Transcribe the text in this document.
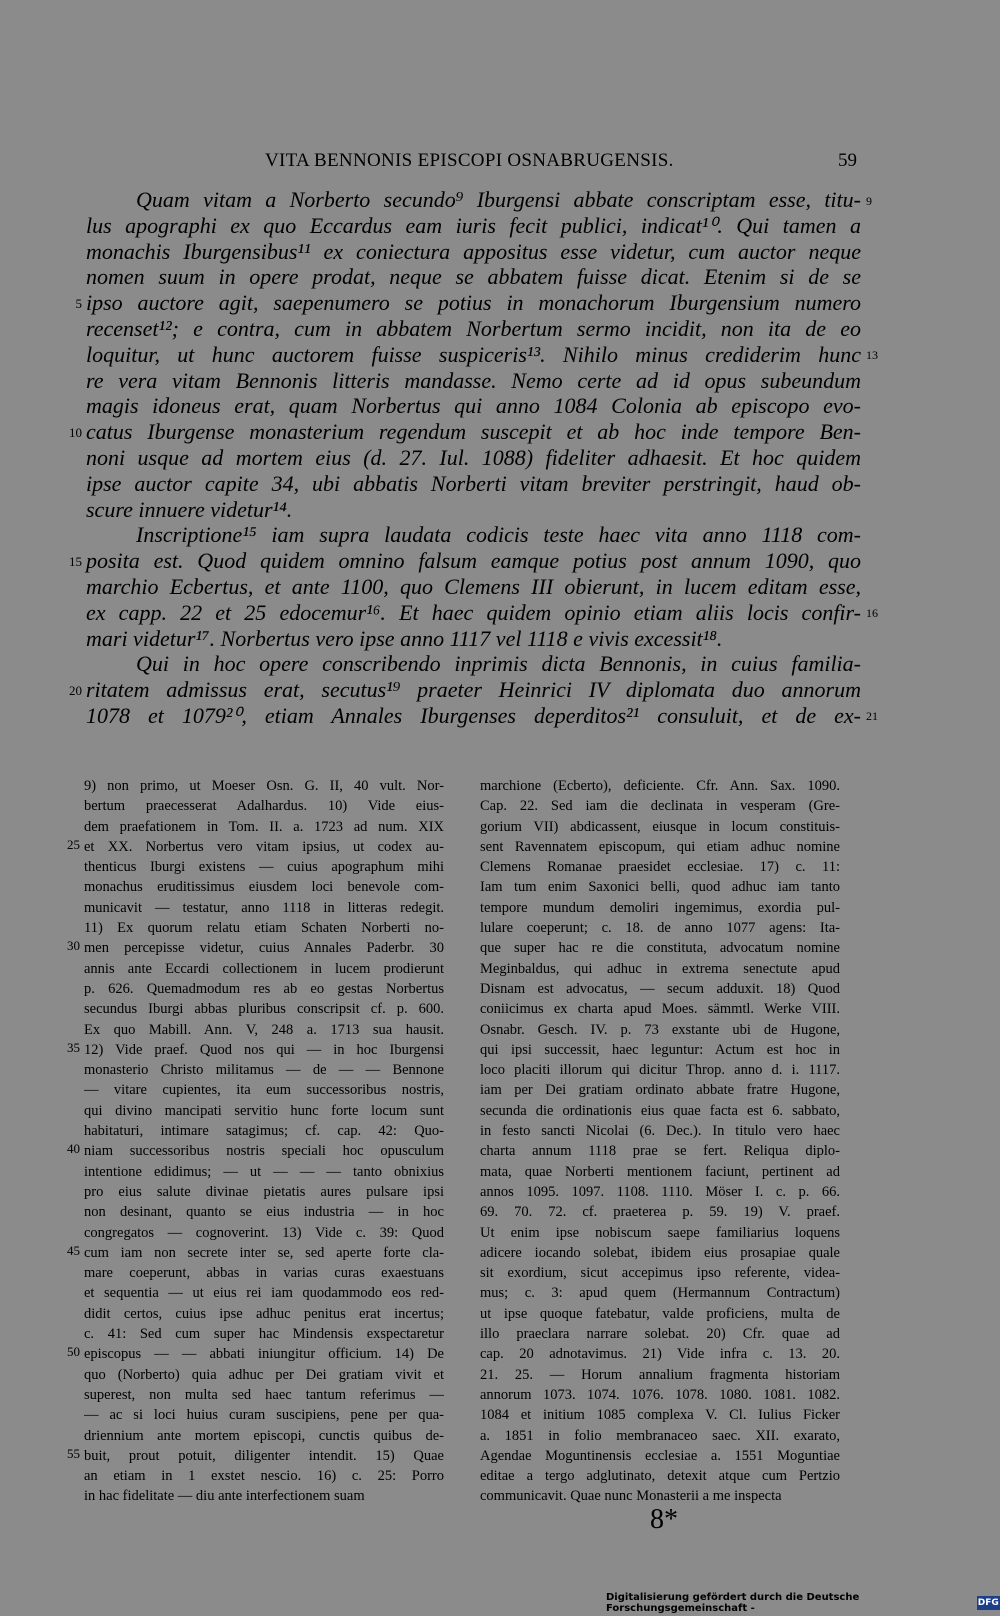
VITA BENNONIS EPISCOPI OSNABRUGENSIS.	59
Quam vitam a Norberto secundo⁹ Iburgensi abbate conscriptam esse, titu-
lus apographi ex quo Eccardus eam iuris fecit publici, indicat¹⁰. Qui tamen a
monachis Iburgensibus¹¹ ex coniectura appositus esse videtur, cum auctor neque
nomen suum in opere prodat, neque se abbatem fuisse dicat. Etenim si de se
ipso auctore agit, saepenumero se potius in monachorum Iburgensium numero
recenset¹²; e contra, cum in abbatem Norbertum sermo incidit, non ita de eo
loquitur, ut hunc auctorem fuisse suspiceris¹³. Nihilo minus crediderim hunc
re vera vitam Bennonis litteris mandasse. Nemo certe ad id opus subeundum
magis idoneus erat, quam Norbertus qui anno 1084 Colonia ab episcopo evo-
catus Iburgense monasterium regendum suscepit et ab hoc inde tempore Ben-
noni usque ad mortem eius (d. 27. Iul. 1088) fideliter adhaesit. Et hoc quidem
ipse auctor capite 34, ubi abbatis Norberti vitam breviter perstringit, haud ob-
scure innuere videtur¹⁴.
Inscriptione¹⁵ iam supra laudata codicis teste haec vita anno 1118 com-
posita est. Quod quidem omnino falsum eamque potius post annum 1090, quo
marchio Ecbertus, et ante 1100, quo Clemens III obierunt, in lucem editam esse,
ex capp. 22 et 25 edocemur¹⁶. Et haec quidem opinio etiam aliis locis confir-
mari videtur¹⁷. Norbertus vero ipse anno 1117 vel 1118 e vivis excessit¹⁸.
Qui in hoc opere conscribendo inprimis dicta Bennonis, in cuius familia-
ritatem admissus erat, secutus¹⁹ praeter Heinrici IV diplomata duo annorum
1078 et 1079²⁰, etiam Annales Iburgenses deperditos²¹ consuluit, et de ex-
5
10
15
20
9
13
16
21
9) non primo, ut Moeser Osn. G. II, 40 vult. Nor-
bertum praecesserat Adalhardus. 10) Vide eius-
dem praefationem in Tom. II. a. 1723 ad num. XIX
et XX. Norbertus vero vitam ipsius, ut codex au-
thenticus Iburgi existens — cuius apographum mihi
monachus eruditissimus eiusdem loci benevole com-
municavit — testatur, anno 1118 in litteras redegit.
11) Ex quorum relatu etiam Schaten Norberti no-
men percepisse videtur, cuius Annales Paderbr. 30
annis ante Eccardi collectionem in lucem prodierunt
p. 626. Quemadmodum res ab eo gestas Norbertus
secundus Iburgi abbas pluribus conscripsit cf. p. 600.
Ex quo Mabill. Ann. V, 248 a. 1713 sua hausit.
12) Vide praef. Quod nos qui — in hoc Iburgensi
monasterio Christo militamus — de — — Bennone
— vitare cupientes, ita eum successoribus nostris,
qui divino mancipati servitio hunc forte locum sunt
habitaturi, intimare satagimus; cf. cap. 42: Quo-
niam successoribus nostris speciali hoc opusculum
intentione edidimus; — ut — — — tanto obnixius
pro eius salute divinae pietatis aures pulsare ipsi
non desinant, quanto se eius industria — in hoc
congregatos — cognoverint. 13) Vide c. 39: Quod
cum iam non secrete inter se, sed aperte forte cla-
mare coeperunt, abbas in varias curas exaestuans
et sequentia — ut eius rei iam quodammodo eos red-
didit certos, cuius ipse adhuc penitus erat incertus;
c. 41: Sed cum super hac Mindensis exspectaretur
episcopus — — abbati iniungitur officium. 14) De
quo (Norberto) quia adhuc per Dei gratiam vivit et
superest, non multa sed haec tantum referimus —
— ac si loci huius curam suscipiens, pene per qua-
driennium ante mortem episcopi, cunctis quibus de-
buit, prout potuit, diligenter intendit. 15) Quae
an etiam in 1 exstet nescio. 16) c. 25: Porro
in hac fidelitate — diu ante interfectionem suam
marchione (Ecberto), deficiente. Cfr. Ann. Sax. 1090.
Cap. 22. Sed iam die declinata in vesperam (Gre-
gorium VII) abdicassent, eiusque in locum constituis-
sent Ravennatem episcopum, qui etiam adhuc nomine
Clemens Romanae praesidet ecclesiae. 17) c. 11:
Iam tum enim Saxonici belli, quod adhuc iam tanto
tempore mundum demoliri ingemimus, exordia pul-
lulare coeperunt; c. 18. de anno 1077 agens: Ita-
que super hac re die constituta, advocatum nomine
Meginbaldus, qui adhuc in extrema senectute apud
Disnam est advocatus, — secum adduxit. 18) Quod
coniicimus ex charta apud Moes. sämmtl. Werke VIII.
Osnabr. Gesch. IV. p. 73 exstante ubi de Hugone,
qui ipsi successit, haec leguntur: Actum est hoc in
loco placiti illorum qui dicitur Throp. anno d. i. 1117.
iam per Dei gratiam ordinato abbate fratre Hugone,
secunda die ordinationis eius quae facta est 6. sabbato,
in festo sancti Nicolai (6. Dec.). In titulo vero haec
charta annum 1118 prae se fert. Reliqua diplo-
mata, quae Norberti mentionem faciunt, pertinent ad
annos 1095. 1097. 1108. 1110. Möser I. c. p. 66.
69. 70. 72. cf. praeterea p. 59. 19) V. praef.
Ut enim ipse nobiscum saepe familiarius loquens
adicere iocando solebat, ibidem eius prosapiae quale
sit exordium, sicut accepimus ipso referente, videa-
mus; c. 3: apud quem (Hermannum Contractum)
ut ipse quoque fatebatur, valde proficiens, multa de
illo praeclara narrare solebat. 20) Cfr. quae ad
cap. 20 adnotavimus. 21) Vide infra c. 13. 20.
21. 25. — Horum annalium fragmenta historiam
annorum 1073. 1074. 1076. 1078. 1080. 1081. 1082.
1084 et initium 1085 complexa V. Cl. Iulius Ficker
a. 1851 in folio membranaceo saec. XII. exarato,
Agendae Moguntinensis ecclesiae a. 1551 Moguntiae
editae a tergo adglutinato, detexit atque cum Pertzio
communicavit. Quae nunc Monasterii a me inspecta
25
30
35
40
45
50
55
8*
Digitalisierung gefördert durch die Deutsche Forschungsgemeinschaft -	DFG
